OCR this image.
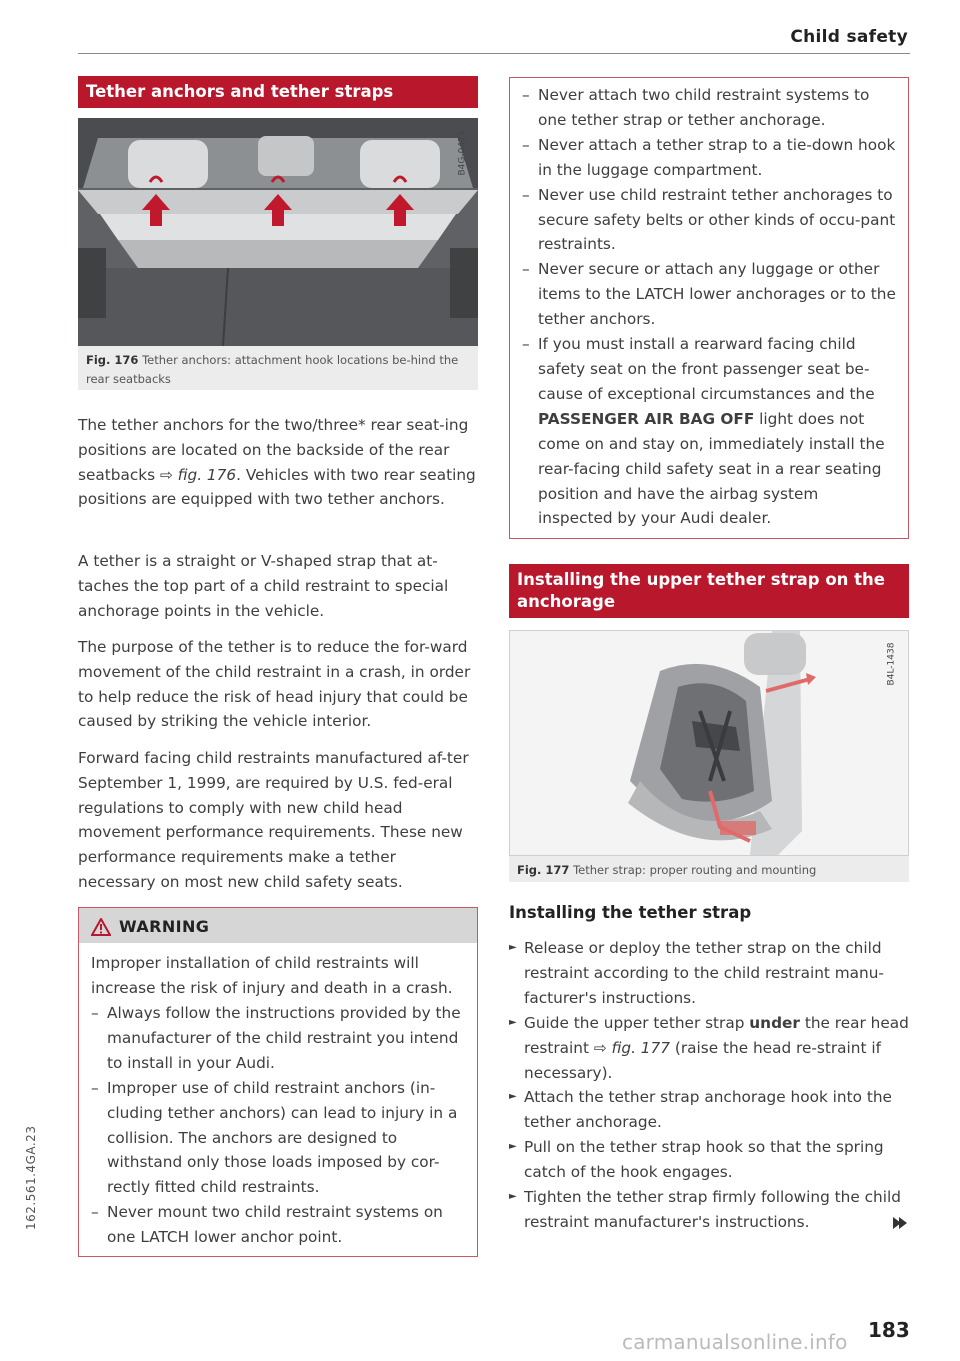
Child safety
Tether anchors and tether straps
B4G-0473
Fig. 176 Tether anchors: attachment hook locations be-hind the rear seatbacks

The tether anchors for the two/three* rear seat-ing positions are located on the backside of the rear seatbacks ⇨ fig. 176. Vehicles with two rear seating positions are equipped with two tether anchors.

A tether is a straight or V-shaped strap that at-taches the top part of a child restraint to special anchorage points in the vehicle.

The purpose of the tether is to reduce the for-ward movement of the child restraint in a crash, in order to help reduce the risk of head injury that could be caused by striking the vehicle interior.

Forward facing child restraints manufactured af-ter September 1, 1999, are required by U.S. fed-eral regulations to comply with new child head movement performance requirements. These new performance requirements make a tether necessary on most new child safety seats.

WARNING

Improper installation of child restraints will increase the risk of injury and death in a crash.

– Always follow the instructions provided by the manufacturer of the child restraint you intend to install in your Audi.
– Improper use of child restraint anchors (in-cluding tether anchors) can lead to injury in a collision. The anchors are designed to withstand only those loads imposed by cor-rectly fitted child restraints.
– Never mount two child restraint systems on one LATCH lower anchor point.
– Never attach two child restraint systems to one tether strap or tether anchorage.
– Never attach a tether strap to a tie-down hook in the luggage compartment.
– Never use child restraint tether anchorages to secure safety belts or other kinds of occu-pant restraints.
– Never secure or attach any luggage or other items to the LATCH lower anchorages or to the tether anchors.
– If you must install a rearward facing child safety seat on the front passenger seat be-cause of exceptional circumstances and the PASSENGER AIR BAG OFF light does not come on and stay on, immediately install the rear-facing child safety seat in a rear seating position and have the airbag system inspected by your Audi dealer.
Installing the upper tether strap on the anchorage
B4L-1438
Fig. 177 Tether strap: proper routing and mounting
Installing the tether strap
► Release or deploy the tether strap on the child restraint according to the child restraint manu-facturer's instructions.
► Guide the upper tether strap under the rear head restraint ⇨ fig. 177 (raise the head re-straint if necessary).
► Attach the tether strap anchorage hook into the tether anchorage.
► Pull on the tether strap hook so that the spring catch of the hook engages.
► Tighten the tether strap firmly following the child restraint manufacturer's instructions.
162.561.4GA.23
carmanualsonline.info 183
